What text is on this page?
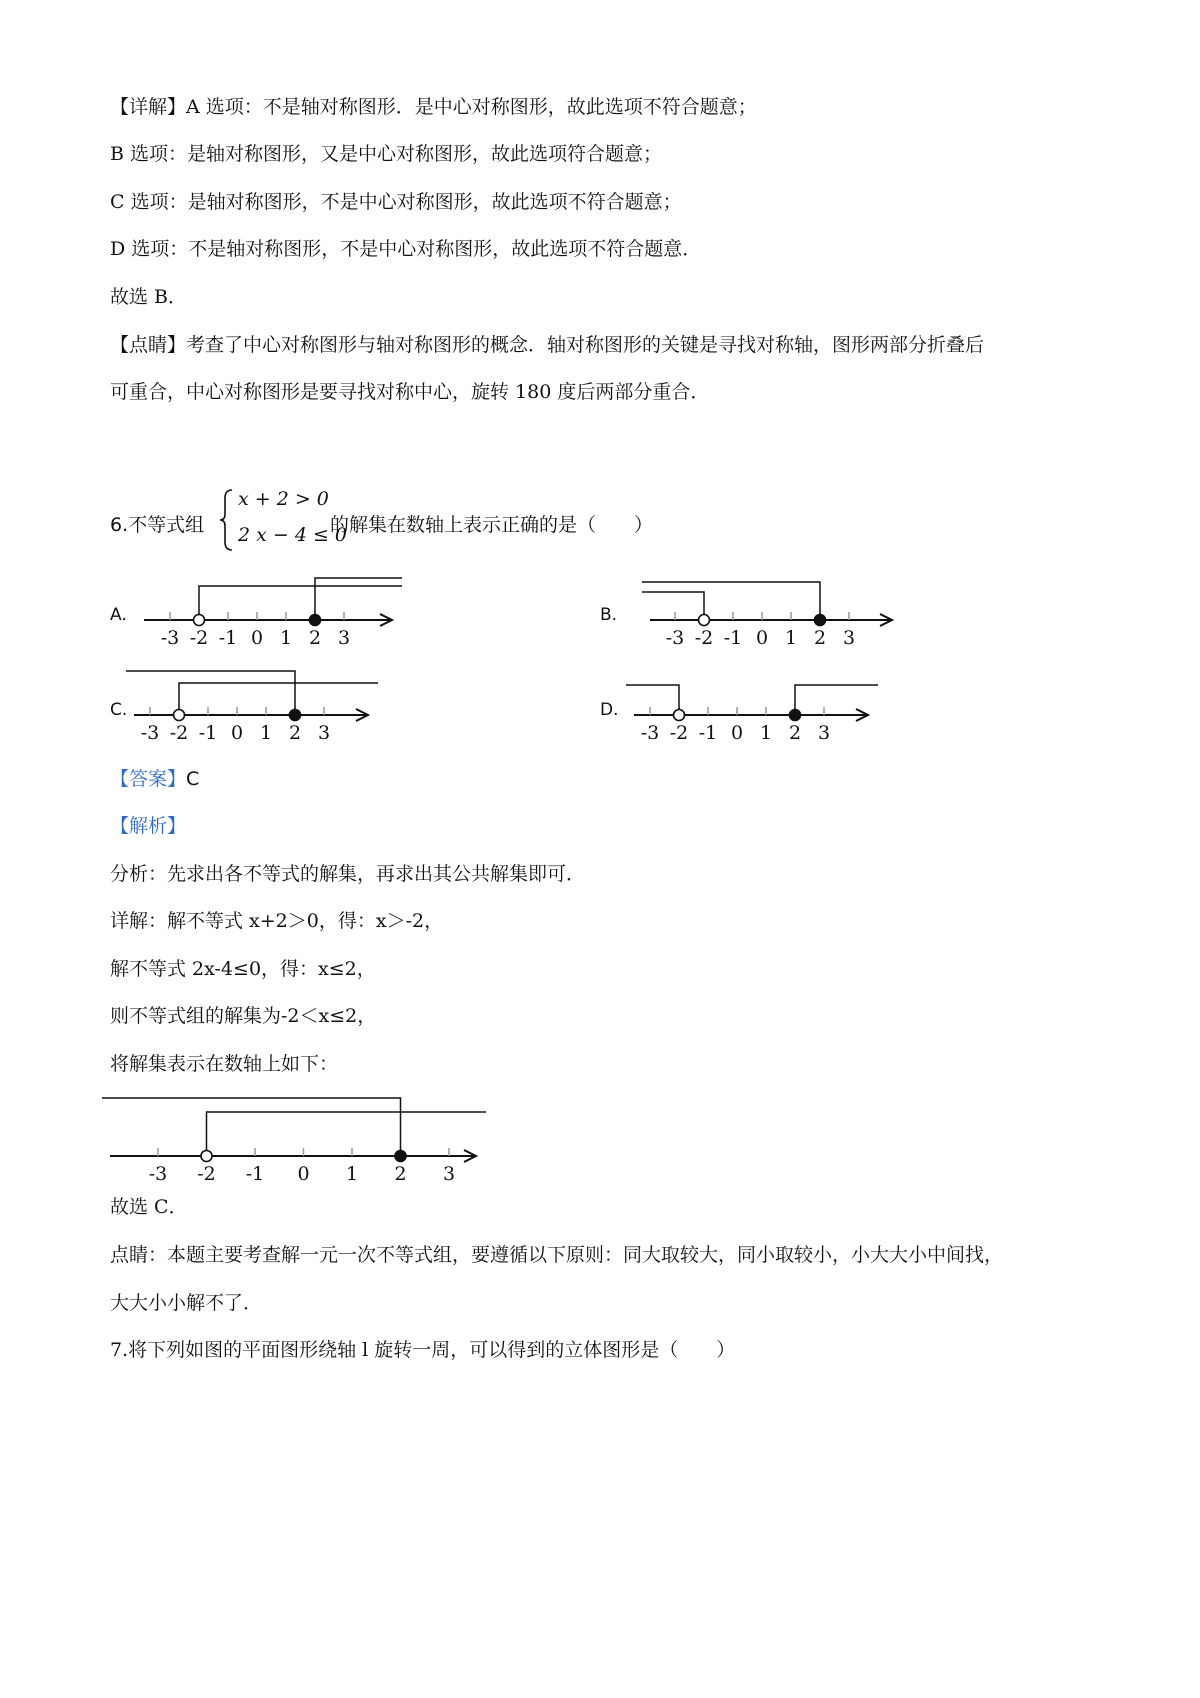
【详解】A 选项：不是轴对称图形．是中心对称图形，故此选项不符合题意；
B 选项：是轴对称图形，又是中心对称图形，故此选项符合题意；
C 选项：是轴对称图形，不是中心对称图形，故此选项不符合题意；
D 选项：不是轴对称图形，不是中心对称图形，故此选项不符合题意．
故选 B．
【点睛】考查了中心对称图形与轴对称图形的概念．轴对称图形的关键是寻找对称轴，图形两部分折叠后
可重合，中心对称图形是要寻找对称中心，旋转 180 度后两部分重合．
6.不等式组
x + 2 > 0
2 x − 4 ≤ 0
的解集在数轴上表示正确的是（　　）
A.	B.
C.	D.
-3 -2 -1 0 1 2 3	-3 -2 -1 0 1 2 3
-3 -2 -1 0 1 2 3	-3 -2 -1 0 1 2 3
【答案】C
【解析】
分析：先求出各不等式的解集，再求出其公共解集即可．
详解：解不等式 x+2＞0，得：x＞-2，
解不等式 2x-4≤0，得：x≤2，
则不等式组的解集为-2＜x≤2，
将解集表示在数轴上如下：
-3 -2 -1 0 1 2 3
故选 C．
点睛：本题主要考查解一元一次不等式组，要遵循以下原则：同大取较大，同小取较小，小大大小中间找，
大大小小解不了．
7.将下列如图的平面图形绕轴 l 旋转一周，可以得到的立体图形是（　　）
